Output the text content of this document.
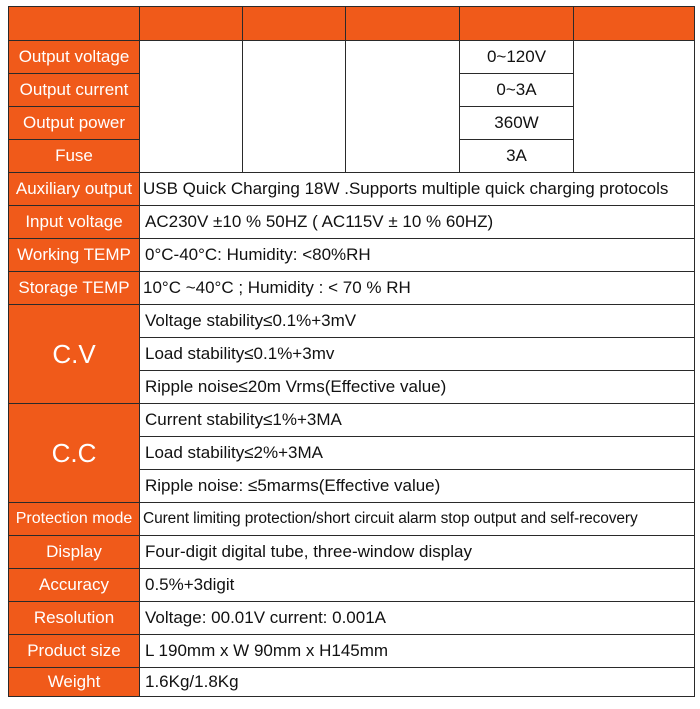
Output voltage				0~120V	
Output current				0~3A	
Output power				360W	
Fuse				3A	
Auxiliary output	USB Quick Charging 18W .Supports multiple quick charging protocols				
Input voltage	AC230V ±10 % 50HZ ( AC115V ± 10 % 60HZ)				
Working TEMP	0°C-40°C: Humidity: <80%RH				
Storage TEMP	10°C ~40°C ; Humidity : < 70 % RH				
C.V	Voltage stability≤0.1%+3mV				
	Load stability≤0.1%+3mv				
	Ripple noise≤20m Vrms(Effective value)				
C.C	Current stability≤1%+3MA				
	Load stability≤2%+3MA				
	Ripple noise: ≤5marms(Effective value)				
Protection mode	Curent limiting protection/short circuit alarm stop output and self-recovery				
Display	Four-digit digital tube, three-window display				
Accuracy	0.5%+3digit				
Resolution	Voltage: 00.01V current: 0.001A				
Product size	L 190mm x W 90mm x H145mm				
Weight	1.6Kg/1.8Kg				
